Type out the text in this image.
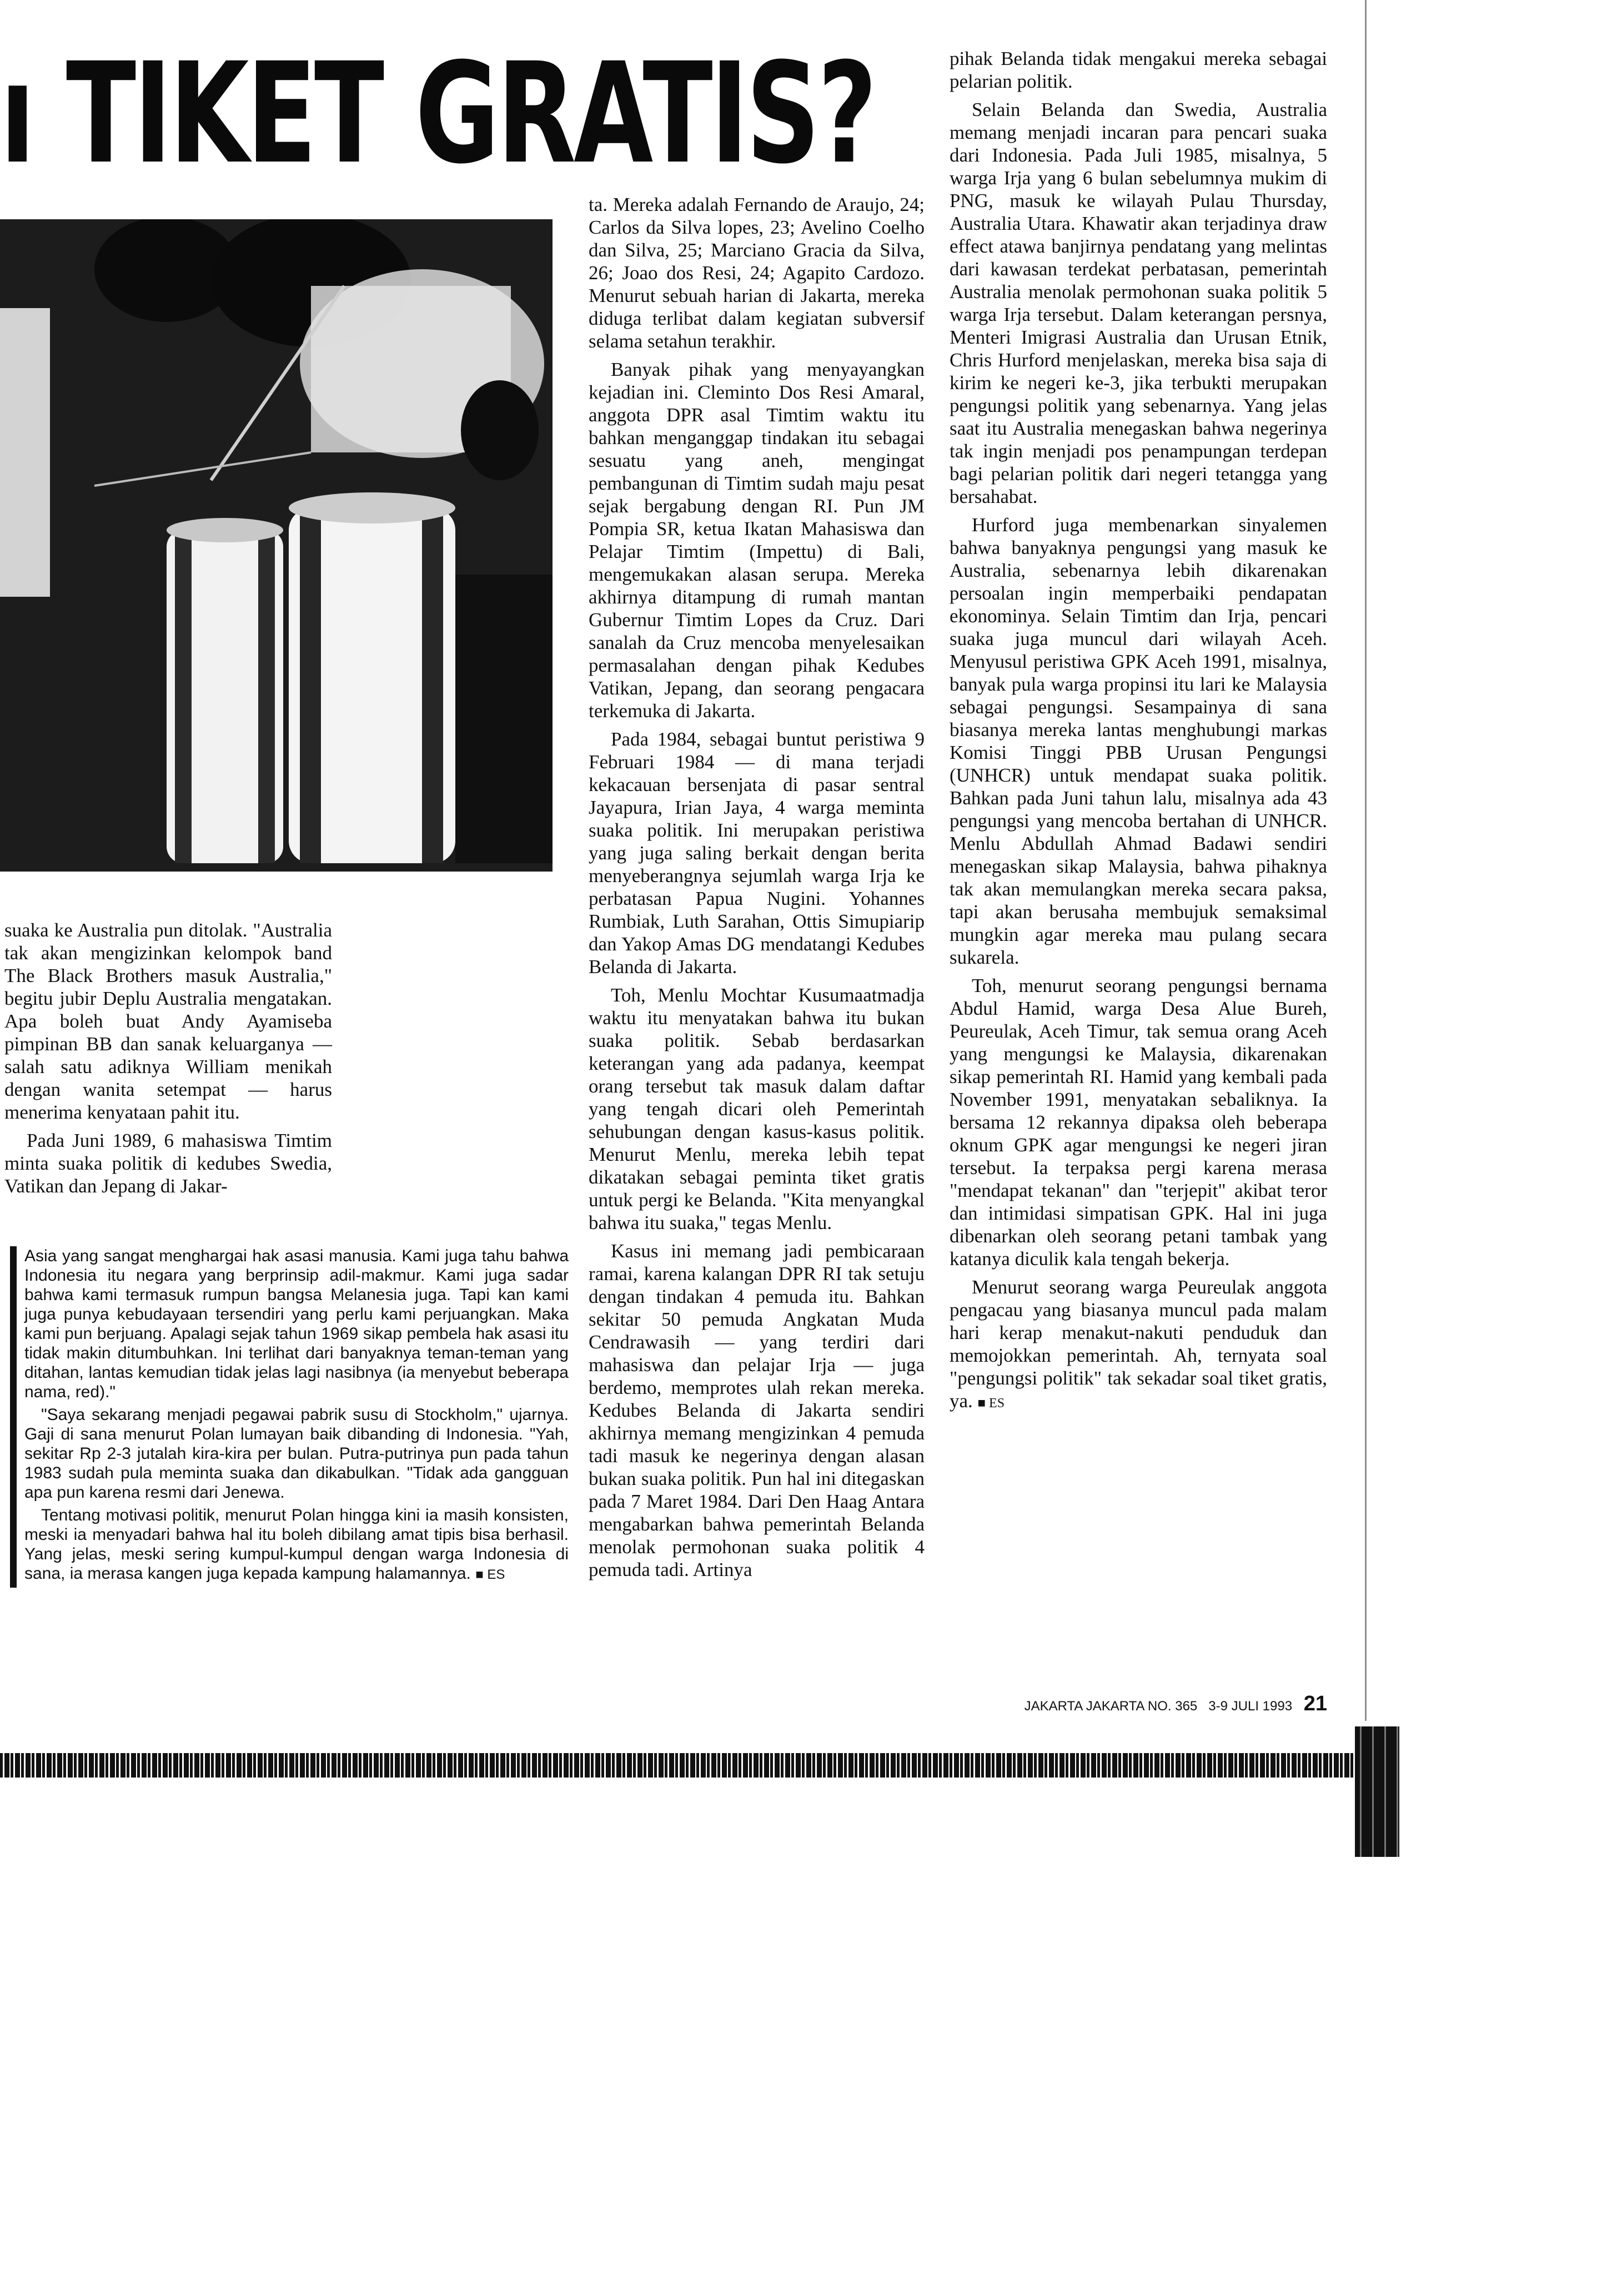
ı TIKET GRATIS?

suaka ke Australia pun ditolak. "Australia tak akan mengizinkan kelompok band The Black Brothers masuk Australia," begitu jubir Deplu Australia mengatakan. Apa boleh buat Andy Ayamiseba pimpinan BB dan sanak keluarganya — salah satu adiknya William menikah dengan wanita setempat — harus menerima kenyataan pahit itu.

Pada Juni 1989, 6 mahasiswa Timtim minta suaka politik di kedubes Swedia, Vatikan dan Jepang di Jakar-

Asia yang sangat menghargai hak asasi manusia. Kami juga tahu bahwa Indonesia itu negara yang berprinsip adil-makmur. Kami juga sadar bahwa kami termasuk rumpun bangsa Melanesia juga. Tapi kan kami juga punya kebudayaan tersendiri yang perlu kami perjuangkan. Maka kami pun berjuang. Apalagi sejak tahun 1969 sikap pembela hak asasi itu tidak makin ditumbuhkan. Ini terlihat dari banyaknya teman-teman yang ditahan, lantas kemudian tidak jelas lagi nasibnya (ia menyebut beberapa nama, red)."

"Saya sekarang menjadi pegawai pabrik susu di Stockholm," ujarnya. Gaji di sana menurut Polan lumayan baik dibanding di Indonesia. "Yah, sekitar Rp 2-3 jutalah kira-kira per bulan. Putra-putrinya pun pada tahun 1983 sudah pula meminta suaka dan dikabulkan. "Tidak ada gangguan apa pun karena resmi dari Jenewa.

Tentang motivasi politik, menurut Polan hingga kini ia masih konsisten, meski ia menyadari bahwa hal itu boleh dibilang amat tipis bisa berhasil. Yang jelas, meski sering kumpul-kumpul dengan warga Indonesia di sana, ia merasa kangen juga kepada kampung halamannya. ■ ES

ta. Mereka adalah Fernando de Araujo, 24; Carlos da Silva lopes, 23; Avelino Coelho dan Silva, 25; Marciano Gracia da Silva, 26; Joao dos Resi, 24; Agapito Cardozo. Menurut sebuah harian di Jakarta, mereka diduga terlibat dalam kegiatan subversif selama setahun terakhir.

Banyak pihak yang menyayangkan kejadian ini. Cleminto Dos Resi Amaral, anggota DPR asal Timtim waktu itu bahkan menganggap tindakan itu sebagai sesuatu yang aneh, mengingat pembangunan di Timtim sudah maju pesat sejak bergabung dengan RI. Pun JM Pompia SR, ketua Ikatan Mahasiswa dan Pelajar Timtim (Impettu) di Bali, mengemukakan alasan serupa. Mereka akhirnya ditampung di rumah mantan Gubernur Timtim Lopes da Cruz. Dari sanalah da Cruz mencoba menyelesaikan permasalahan dengan pihak Kedubes Vatikan, Jepang, dan seorang pengacara terkemuka di Jakarta.

Pada 1984, sebagai buntut peristiwa 9 Februari 1984 — di mana terjadi kekacauan bersenjata di pasar sentral Jayapura, Irian Jaya, 4 warga meminta suaka politik. Ini merupakan peristiwa yang juga saling berkait dengan berita menyeberangnya sejumlah warga Irja ke perbatasan Papua Nugini. Yohannes Rumbiak, Luth Sarahan, Ottis Simupiarip dan Yakop Amas DG mendatangi Kedubes Belanda di Jakarta.

Toh, Menlu Mochtar Kusumaatmadja waktu itu menyatakan bahwa itu bukan suaka politik. Sebab berdasarkan keterangan yang ada padanya, keempat orang tersebut tak masuk dalam daftar yang tengah dicari oleh Pemerintah sehubungan dengan kasus-kasus politik. Menurut Menlu, mereka lebih tepat dikatakan sebagai peminta tiket gratis untuk pergi ke Belanda. "Kita menyangkal bahwa itu suaka," tegas Menlu.

Kasus ini memang jadi pembicaraan ramai, karena kalangan DPR RI tak setuju dengan tindakan 4 pemuda itu. Bahkan sekitar 50 pemuda Angkatan Muda Cendrawasih — yang terdiri dari mahasiswa dan pelajar Irja — juga berdemo, memprotes ulah rekan mereka. Kedubes Belanda di Jakarta sendiri akhirnya memang mengizinkan 4 pemuda tadi masuk ke negerinya dengan alasan bukan suaka politik. Pun hal ini ditegaskan pada 7 Maret 1984. Dari Den Haag Antara mengabarkan bahwa pemerintah Belanda menolak permohonan suaka politik 4 pemuda tadi. Artinya

pihak Belanda tidak mengakui mereka sebagai pelarian politik.

Selain Belanda dan Swedia, Australia memang menjadi incaran para pencari suaka dari Indonesia. Pada Juli 1985, misalnya, 5 warga Irja yang 6 bulan sebelumnya mukim di PNG, masuk ke wilayah Pulau Thursday, Australia Utara. Khawatir akan terjadinya draw effect atawa banjirnya pendatang yang melintas dari kawasan terdekat perbatasan, pemerintah Australia menolak permohonan suaka politik 5 warga Irja tersebut. Dalam keterangan persnya, Menteri Imigrasi Australia dan Urusan Etnik, Chris Hurford menjelaskan, mereka bisa saja di kirim ke negeri ke-3, jika terbukti merupakan pengungsi politik yang sebenarnya. Yang jelas saat itu Australia menegaskan bahwa negerinya tak ingin menjadi pos penampungan terdepan bagi pelarian politik dari negeri tetangga yang bersahabat.

Hurford juga membenarkan sinyalemen bahwa banyaknya pengungsi yang masuk ke Australia, sebenarnya lebih dikarenakan persoalan ingin memperbaiki pendapatan ekonominya. Selain Timtim dan Irja, pencari suaka juga muncul dari wilayah Aceh. Menyusul peristiwa GPK Aceh 1991, misalnya, banyak pula warga propinsi itu lari ke Malaysia sebagai pengungsi. Sesampainya di sana biasanya mereka lantas menghubungi markas Komisi Tinggi PBB Urusan Pengungsi (UNHCR) untuk mendapat suaka politik. Bahkan pada Juni tahun lalu, misalnya ada 43 pengungsi yang mencoba bertahan di UNHCR. Menlu Abdullah Ahmad Badawi sendiri menegaskan sikap Malaysia, bahwa pihaknya tak akan memulangkan mereka secara paksa, tapi akan berusaha membujuk semaksimal mungkin agar mereka mau pulang secara sukarela.

Toh, menurut seorang pengungsi bernama Abdul Hamid, warga Desa Alue Bureh, Peureulak, Aceh Timur, tak semua orang Aceh yang mengungsi ke Malaysia, dikarenakan sikap pemerintah RI. Hamid yang kembali pada November 1991, menyatakan sebaliknya. Ia bersama 12 rekannya dipaksa oleh beberapa oknum GPK agar mengungsi ke negeri jiran tersebut. Ia terpaksa pergi karena merasa "mendapat tekanan" dan "terjepit" akibat teror dan intimidasi simpatisan GPK. Hal ini juga dibenarkan oleh seorang petani tambak yang katanya diculik kala tengah bekerja.

Menurut seorang warga Peureulak anggota pengacau yang biasanya muncul pada malam hari kerap menakut-nakuti penduduk dan memojokkan pemerintah. Ah, ternyata soal "pengungsi politik" tak sekadar soal tiket gratis, ya. ■ ES

JAKARTA JAKARTA NO. 365 3-9 JULI 1993 21
